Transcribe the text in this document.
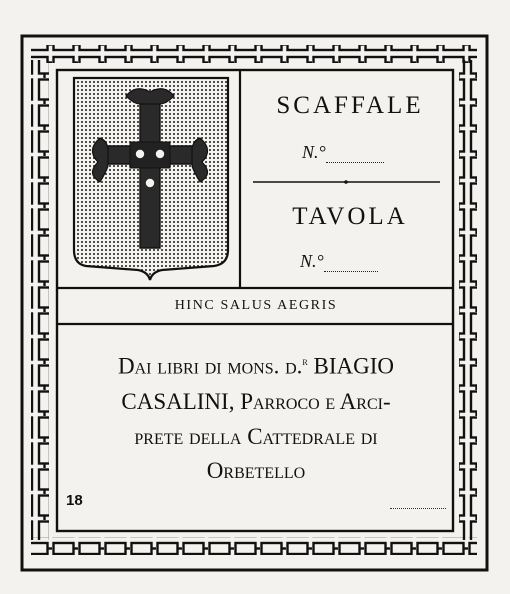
SCAFFALE
N.°
TAVOLA
N.°
HINC SALUS AEGRIS
Dai libri di mons. d.$^r$ BIAGIO
CASALINI, Parroco e Arci-
prete della Cattedrale di
Orbetello
18
